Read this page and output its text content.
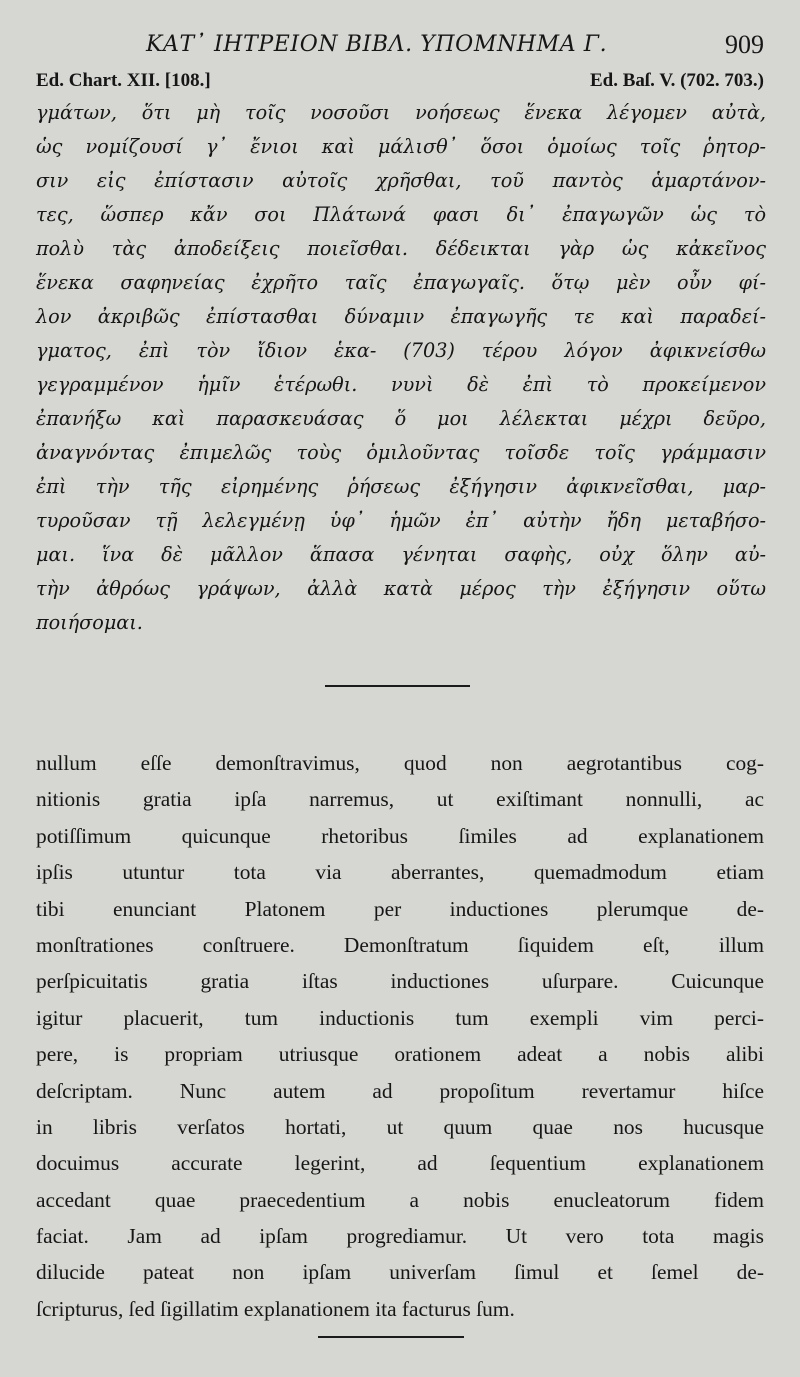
ΚΑΤ᾽ ΙΗΤΡΕΙΟΝ ΒΙΒΛ. ΥΠΟΜΝΗΜΑ Γ.	909
Ed. Chart. XII. [108.]	Ed. Baſ. V. (702. 703.)
γμάτων, ὅτι μὴ τοῖς νοσοῦσι νοήσεως ἕνεκα λέγομεν αὐτὰ,
ὡς νομίζουσί γ᾽ ἔνιοι καὶ μάλισθ᾽ ὅσοι ὁμοίως τοῖς ῥητορ-
σιν εἰς ἐπίστασιν αὐτοῖς χρῆσθαι, τοῦ παντὸς ἁμαρτάνον-
τες, ὥσπερ κἄν σοι Πλάτωνά φασι δι᾽ ἐπαγωγῶν ὡς τὸ
πολὺ τὰς ἀποδείξεις ποιεῖσθαι. δέδεικται γὰρ ὡς κἀκεῖνος
ἕνεκα σαφηνείας ἐχρῆτο ταῖς ἐπαγωγαῖς. ὅτῳ μὲν οὖν φί-
λον ἀκριβῶς ἐπίστασθαι δύναμιν ἐπαγωγῆς τε καὶ παραδεί-
γματος, ἐπὶ τὸν ἴδιον ἑκα- (703) τέρου λόγον ἀφικνείσθω
γεγραμμένον ἡμῖν ἑτέρωθι. νυνὶ δὲ ἐπὶ τὸ προκείμενον
ἐπανήξω καὶ παρασκευάσας ὅ μοι λέλεκται μέχρι δεῦρο,
ἀναγνόντας ἐπιμελῶς τοὺς ὁμιλοῦντας τοῖσδε τοῖς γράμμασιν
ἐπὶ τὴν τῆς εἰρημένης ῥήσεως ἐξήγησιν ἀφικνεῖσθαι, μαρ-
τυροῦσαν τῇ λελεγμένῃ ὑφ᾽ ἡμῶν ἐπ᾽ αὐτὴν ἤδη μεταβήσο-
μαι. ἵνα δὲ μᾶλλον ἅπασα γένηται σαφὴς, οὐχ ὅλην αὐ-
τὴν ἀθρόως γράψων, ἀλλὰ κατὰ μέρος τὴν ἐξήγησιν οὕτω
ποιήσομαι.
nullum eſſe demonſtravimus, quod non aegrotantibus cog-
nitionis gratia ipſa narremus, ut exiſtimant nonnulli, ac
potiſſimum quicunque rhetoribus ſimiles ad explanationem
ipſis utuntur tota via aberrantes, quemadmodum etiam
tibi enunciant Platonem per inductiones plerumque de-
monſtrationes conſtruere. Demonſtratum ſiquidem eſt, illum
perſpicuitatis gratia iſtas inductiones uſurpare. Cuicunque
igitur placuerit, tum inductionis tum exempli vim perci-
pere, is propriam utriusque orationem adeat a nobis alibi
deſcriptam. Nunc autem ad propoſitum revertamur hiſce
in libris verſatos hortati, ut quum quae nos hucusque
docuimus accurate legerint, ad ſequentium explanationem
accedant quae praecedentium a nobis enucleatorum fidem
faciat. Jam ad ipſam progrediamur. Ut vero tota magis
dilucide pateat non ipſam univerſam ſimul et ſemel de-
ſcripturus, ſed ſigillatim explanationem ita facturus ſum.
